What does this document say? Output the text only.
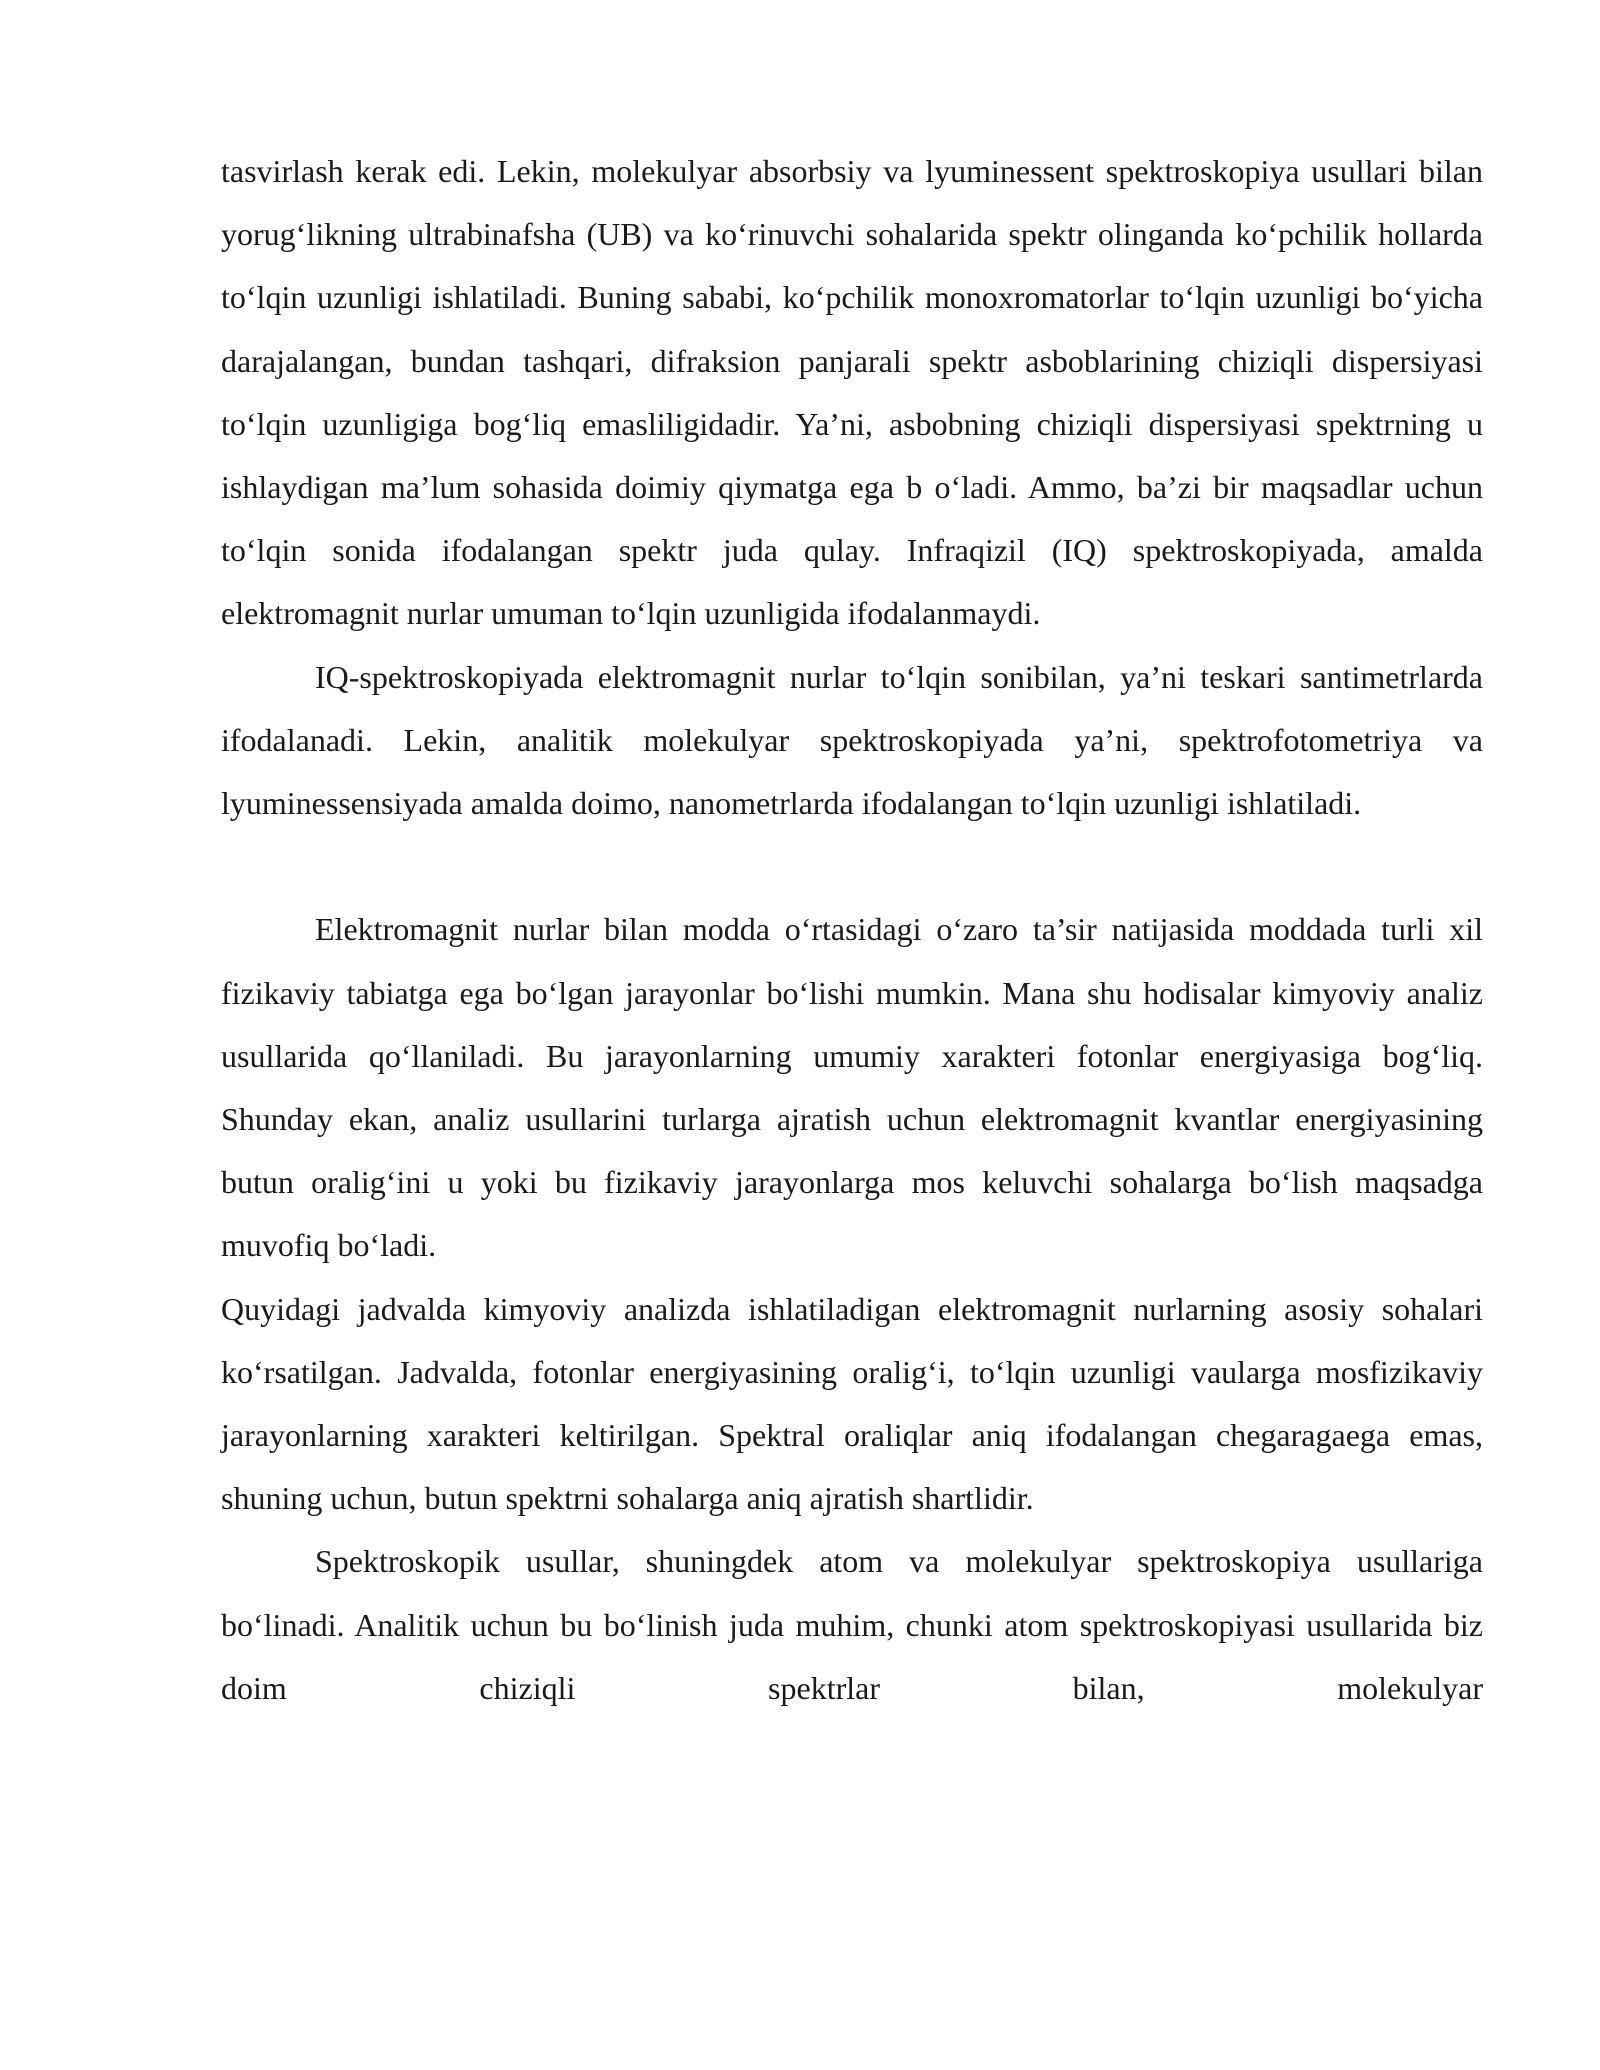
tasvirlash kerak edi. Lekin, molekulyar absorbsiy va lyuminessent spektroskopiya usullari bilan yorug‘likning ultrabinafsha (UB) va ko‘rinuvchi sohalarida spektr olinganda ko‘pchilik hollarda to‘lqin uzunligi ishlatiladi. Buning sababi, ko‘pchilik monoxromatorlar to‘lqin uzunligi bo‘yicha darajalangan, bundan tashqari, difraksion panjarali spektr asboblarining chiziqli dispersiyasi to‘lqin uzunligiga bog‘liq emasliligidadir. Ya’ni, asbobning chiziqli dispersiyasi spektrning u ishlaydigan ma’lum sohasida doimiy qiymatga ega b o‘ladi. Ammo, ba’zi bir maqsadlar uchun to‘lqin sonida ifodalangan spektr juda qulay. Infraqizil (IQ) spektroskopiyada, amalda elektromagnit nurlar umuman to‘lqin uzunligida ifodalanmaydi.

IQ-spektroskopiyada elektromagnit nurlar to‘lqin sonibilan, ya’ni teskari santimetrlarda ifodalanadi. Lekin, analitik molekulyar spektroskopiyada ya’ni, spektrofotometriya va lyuminessensiyada amalda doimo, nanometrlarda ifodalangan to‘lqin uzunligi ishlatiladi.

Elektromagnit nurlar bilan modda o‘rtasidagi o‘zaro ta’sir natijasida moddada turli xil fizikaviy tabiatga ega bo‘lgan jarayonlar bo‘lishi mumkin. Mana shu hodisalar kimyoviy analiz usullarida qo‘llaniladi. Bu jarayonlarning umumiy xarakteri fotonlar energiyasiga bog‘liq. Shunday ekan, analiz usullarini turlarga ajratish uchun elektromagnit kvantlar energiyasining butun oralig‘ini u yoki bu fizikaviy jarayonlarga mos keluvchi sohalarga bo‘lish maqsadga muvofiq bo‘ladi.

Quyidagi jadvalda kimyoviy analizda ishlatiladigan elektromagnit nurlarning asosiy sohalari ko‘rsatilgan. Jadvalda, fotonlar energiyasining oralig‘i, to‘lqin uzunligi vaularga mosfizikaviy jarayonlarning xarakteri keltirilgan. Spektral oraliqlar aniq ifodalangan chegaragaega emas, shuning uchun, butun spektrni sohalarga aniq ajratish shartlidir.

Spektroskopik usullar, shuningdek atom va molekulyar spektroskopiya usullariga bo‘linadi. Analitik uchun bu bo‘linish juda muhim, chunki atom spektroskopiyasi usullarida biz doim chiziqli spektrlar bilan, molekulyar
